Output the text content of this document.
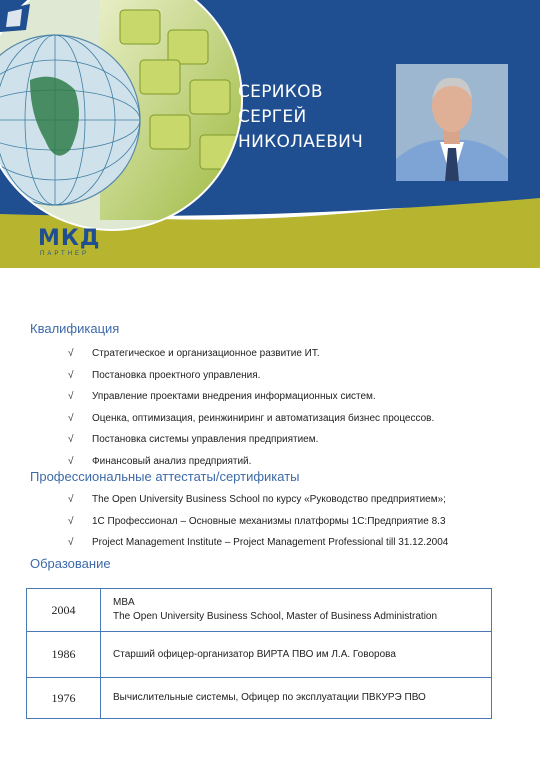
СЕРИКОВ
СЕРГЕЙ
НИКОЛАЕВИЧ
МКД
ПАРТНЕР
Квалификация
√ Стратегическое и организационное развитие ИТ.
√ Постановка проектного управления.
√ Управление проектами внедрения информационных систем.
√ Оценка, оптимизация, реинжиниринг и автоматизация бизнес процессов.
√ Постановка системы управления предприятием.
√ Финансовый анализ предприятий.
Профессиональные аттестаты/сертификаты
√ The Open University Business School по курсу «Руководство предприятием»;
√ 1С Профессионал – Основные механизмы платформы 1С:Предприятие 8.3
√ Project Management Institute – Project Management Professional till 31.12.2004
Образование
2004	MBA
The Open University Business School, Master of Business Administration

1986	Старший офицер-организатор ВИРТА ПВО им Л.А. Говорова

1976	Вычислительные системы, Офицер по эксплуатации ПВКУРЭ ПВО
